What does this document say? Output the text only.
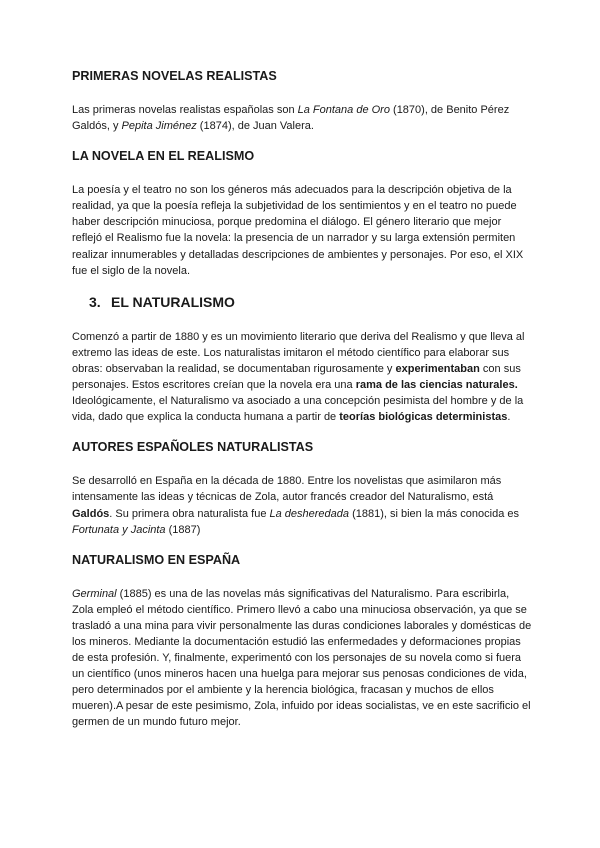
PRIMERAS NOVELAS REALISTAS

Las primeras novelas realistas españolas son La Fontana de Oro (1870), de Benito Pérez Galdós, y Pepita Jiménez (1874), de Juan Valera.

LA NOVELA EN EL REALISMO

La poesía y el teatro no son los géneros más adecuados para la descripción objetiva de la realidad, ya que la poesía refleja la subjetividad de los sentimientos y en el teatro no puede haber descripción minuciosa, porque predomina el diálogo. El género literario que mejor reflejó el Realismo fue la novela: la presencia de un narrador y su larga extensión permiten realizar innumerables y detalladas descripciones de ambientes y personajes. Por eso, el XIX fue el siglo de la novela.

3. EL NATURALISMO

Comenzó a partir de 1880 y es un movimiento literario que deriva del Realismo y que lleva al extremo las ideas de este. Los naturalistas imitaron el método científico para elaborar sus obras: observaban la realidad, se documentaban rigurosamente y experimentaban con sus personajes. Estos escritores creían que la novela era una rama de las ciencias naturales. Ideológicamente, el Naturalismo va asociado a una concepción pesimista del hombre y de la vida, dado que explica la conducta humana a partir de teorías biológicas deterministas.

AUTORES ESPAÑOLES NATURALISTAS

Se desarrolló en España en la década de 1880. Entre los novelistas que asimilaron más intensamente las ideas y técnicas de Zola, autor francés creador del Naturalismo, está Galdós. Su primera obra naturalista fue La desheredada (1881), si bien la más conocida es Fortunata y Jacinta (1887)

NATURALISMO EN ESPAÑA

Germinal (1885) es una de las novelas más significativas del Naturalismo. Para escribirla, Zola empleó el método científico. Primero llevó a cabo una minuciosa observación, ya que se trasladó a una mina para vivir personalmente las duras condiciones laborales y domésticas de los mineros. Mediante la documentación estudió las enfermedades y deformaciones propias de esta profesión. Y, finalmente, experimentó con los personajes de su novela como si fuera un científico (unos mineros hacen una huelga para mejorar sus penosas condiciones de vida, pero determinados por el ambiente y la herencia biológica, fracasan y muchos de ellos mueren).A pesar de este pesimismo, Zola, infuido por ideas socialistas, ve en este sacrificio el germen de un mundo futuro mejor.
